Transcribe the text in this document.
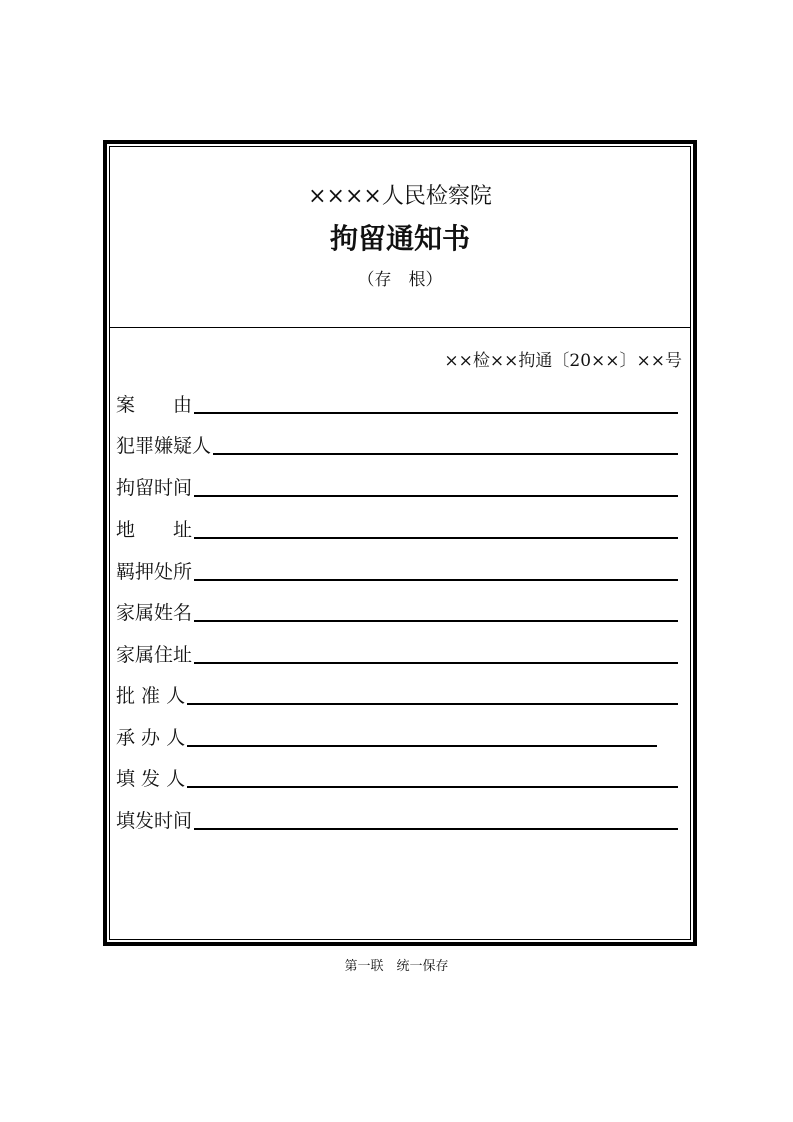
××××人民检察院
拘留通知书
（存　根）
××检××拘通〔20××〕××号
案　　由
犯罪嫌疑人
拘留时间
地　　址
羁押处所
家属姓名
家属住址
批 准 人
承 办 人
填 发 人
填发时间
第一联　统一保存
